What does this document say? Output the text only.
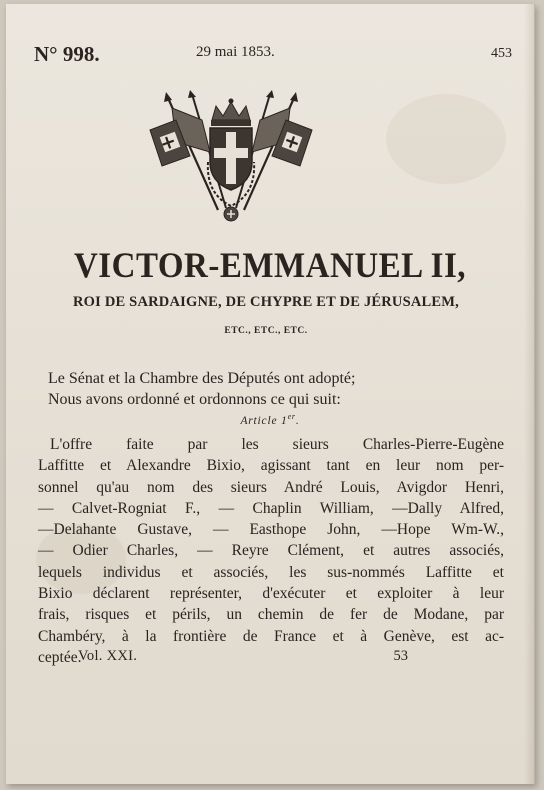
N° 998.	29 mai 1853.	453
VICTOR-EMMANUEL II,
ROI DE SARDAIGNE, DE CHYPRE ET DE JÉRUSALEM,
ETC., ETC., ETC.
Le Sénat et la Chambre des Députés ont adopté;
Nous avons ordonné et ordonnons ce qui suit:
Article 1er.
L'offre faite par les sieurs Charles-Pierre-Eugène
Laffitte et Alexandre Bixio, agissant tant en leur nom per-
sonnel qu'au nom des sieurs André Louis, Avigdor Henri,
— Calvet-Rogniat F., — Chaplin William, —Dally Alfred,
—Delahante Gustave, — Easthope John, —Hope Wm-W.,
— Odier Charles, — Reyre Clément, et autres associés,
lequels individus et associés, les sus-nommés Laffitte et
Bixio déclarent représenter, d'exécuter et exploiter à leur
frais, risques et périls, un chemin de fer de Modane, par
Chambéry, à la frontière de France et à Genève, est ac-
ceptée.
Vol. XXI.	53
